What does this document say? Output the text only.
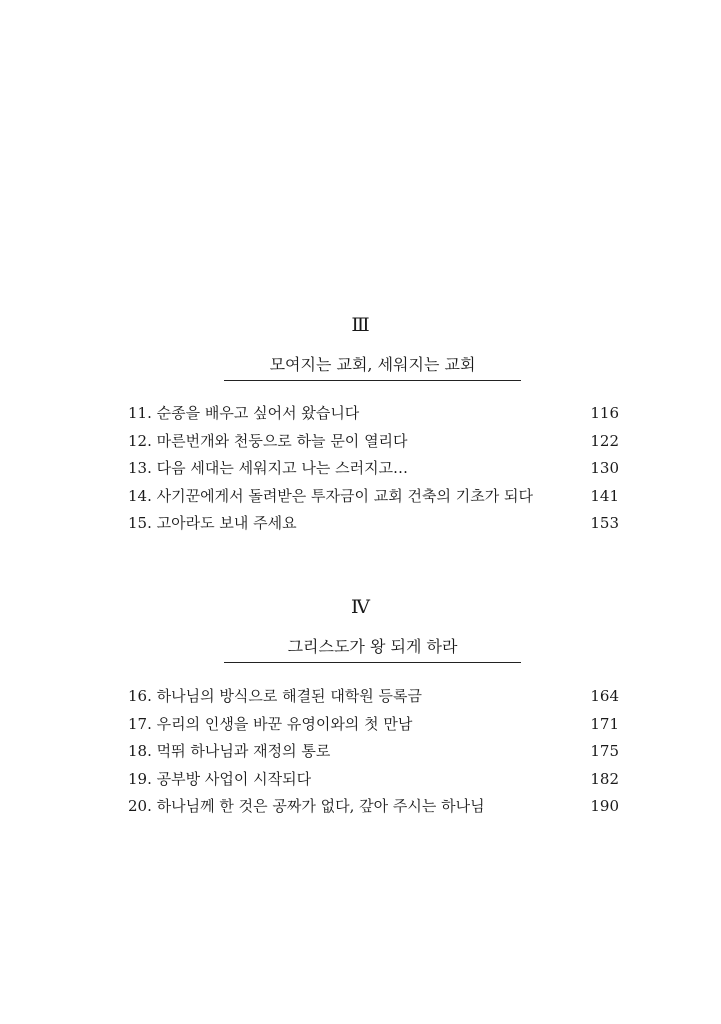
Ⅲ
모여지는 교회, 세워지는 교회
11. 순종을 배우고 싶어서 왔습니다	116
12. 마른번개와 천둥으로 하늘 문이 열리다	122
13. 다음 세대는 세워지고 나는 스러지고…	130
14. 사기꾼에게서 돌려받은 투자금이 교회 건축의 기초가 되다	141
15. 고아라도 보내 주세요	153
Ⅳ
그리스도가 왕 되게 하라
16. 하나님의 방식으로 해결된 대학원 등록금	164
17. 우리의 인생을 바꾼 유영이와의 첫 만남	171
18. 먹뛰 하나님과 재정의 통로	175
19. 공부방 사업이 시작되다	182
20. 하나님께 한 것은 공짜가 없다, 갚아 주시는 하나님	190
